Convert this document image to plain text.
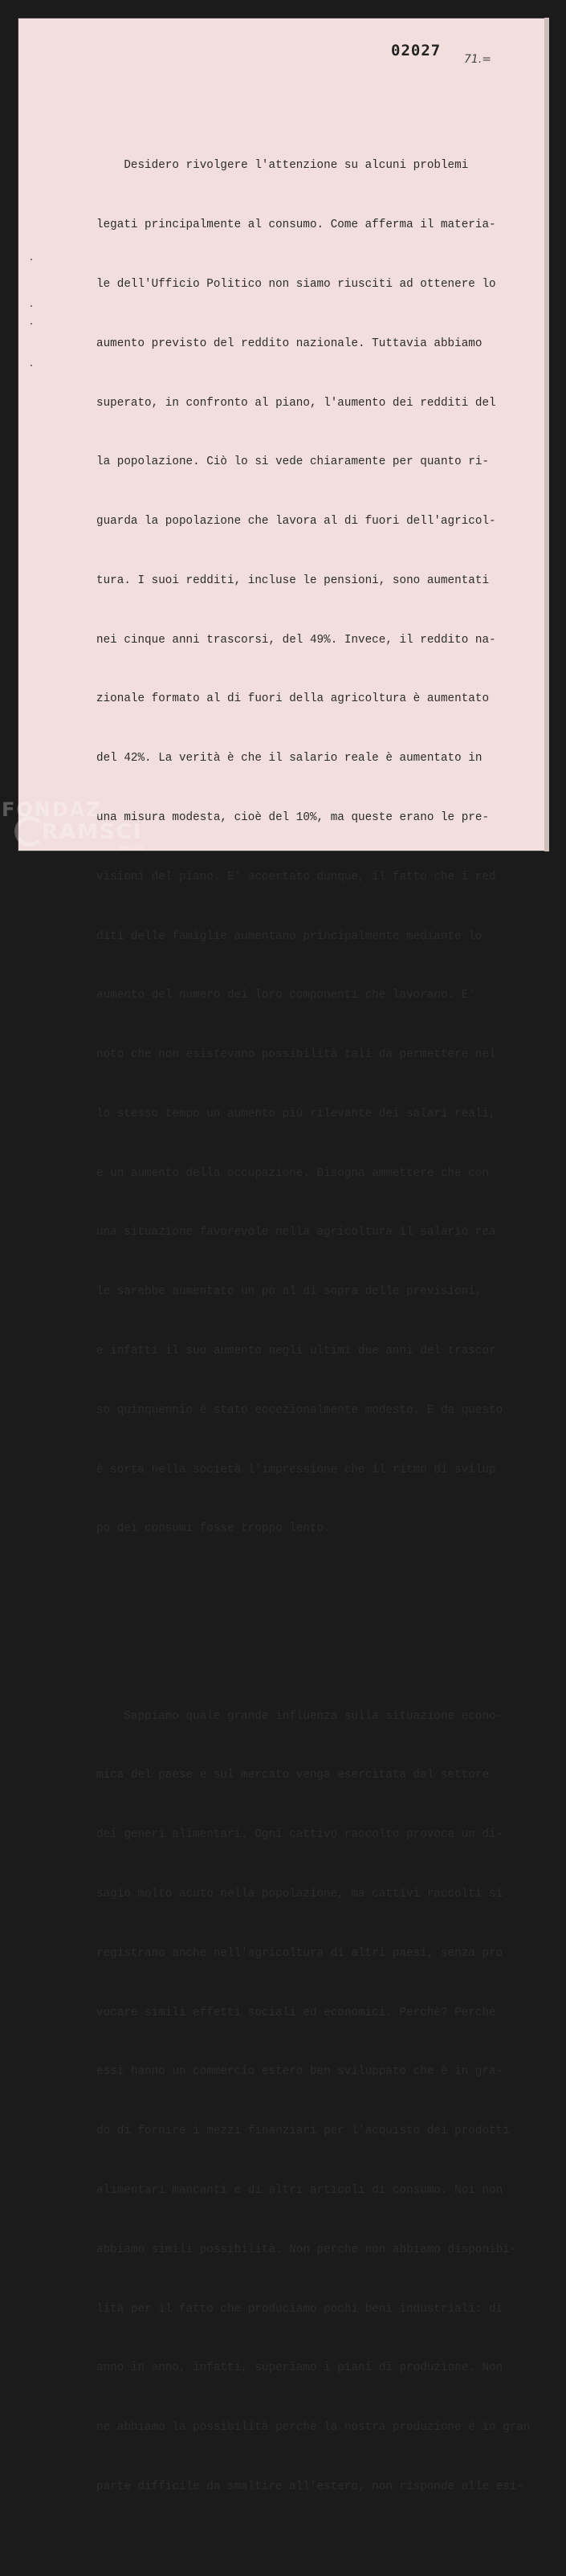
02027 71.=

Desidero rivolgere l'attenzione su alcuni problemi

legati principalmente al consumo. Come afferma il materia-

le dell'Ufficio Politico non siamo riusciti ad ottenere lo

aumento previsto del reddito nazionale. Tuttavia abbiamo

superato, in confronto al piano, l'aumento dei redditi del

la popolazione. Ciò lo si vede chiaramente per quanto ri-

guarda la popolazione che lavora al di fuori dell'agricol-

tura. I suoi redditi, incluse le pensioni, sono aumentati

nei cinque anni trascorsi, del 49%. Invece, il reddito na-

zionale formato al di fuori della agricoltura è aumentato

del 42%. La verità è che il salario reale è aumentato in

una misura modesta, cioè del 10%, ma queste erano le pre-

visioni del piano. E' accertato dunque, il fatto che i red

diti delle famiglie aumentano principalmente mediante lo

aumento del numero dei loro componenti che lavorano. E'

noto che non esistevano possibilità tali da permettere nel

lo stesso tempo un aumento più rilevante dei salari reali,

e un aumento della occupazione. Bisogna ammettere che con

una situazione favorevole nella agricoltura il salario rea

le sarebbe aumentato un pò al di sopra delle previsioni,

e infatti il suo aumento negli ultimi due anni del trascor

so quinquennio è stato eccezionalmente modesto. E da questo

è sorta nella società l'impressione che il ritmo di svilup

po dei consumi fosse troppo lento.

Sappiamo quale grande influenza sulla situazione econo-

mica del paese e sul mercato venga esercitata dal settore

dei generi alimentari. Ogni cattivo raccolto provoca un di-

sagio molto acuto nella popolazione, ma cattivi raccolti si

registrano anche nell'agricoltura di altri paesi, senza pro

vocare simili effetti sociali ed economici. Perchè? Perchè

essi hanno un commercio estero ben sviluppato che è in gra-

do di fornire i mezzi finanziari per l'acquisto dei prodotti

alimentari mancanti e di altri articoli di consumo. Noi non

abbiamo simili possibilità. Non perchè non abbiamo disponibi-

lità per il fatto che produciamo pochi beni industriali: di

anno in anno, infatti, superiamo i piani di produzione. Non

ne abbiamo la possibilità perchè la nostra produzione è in gran

parte difficile da smaltire all'estero, non risponde alle esi-

FONDAZ
RAMSCI
ONLUS
